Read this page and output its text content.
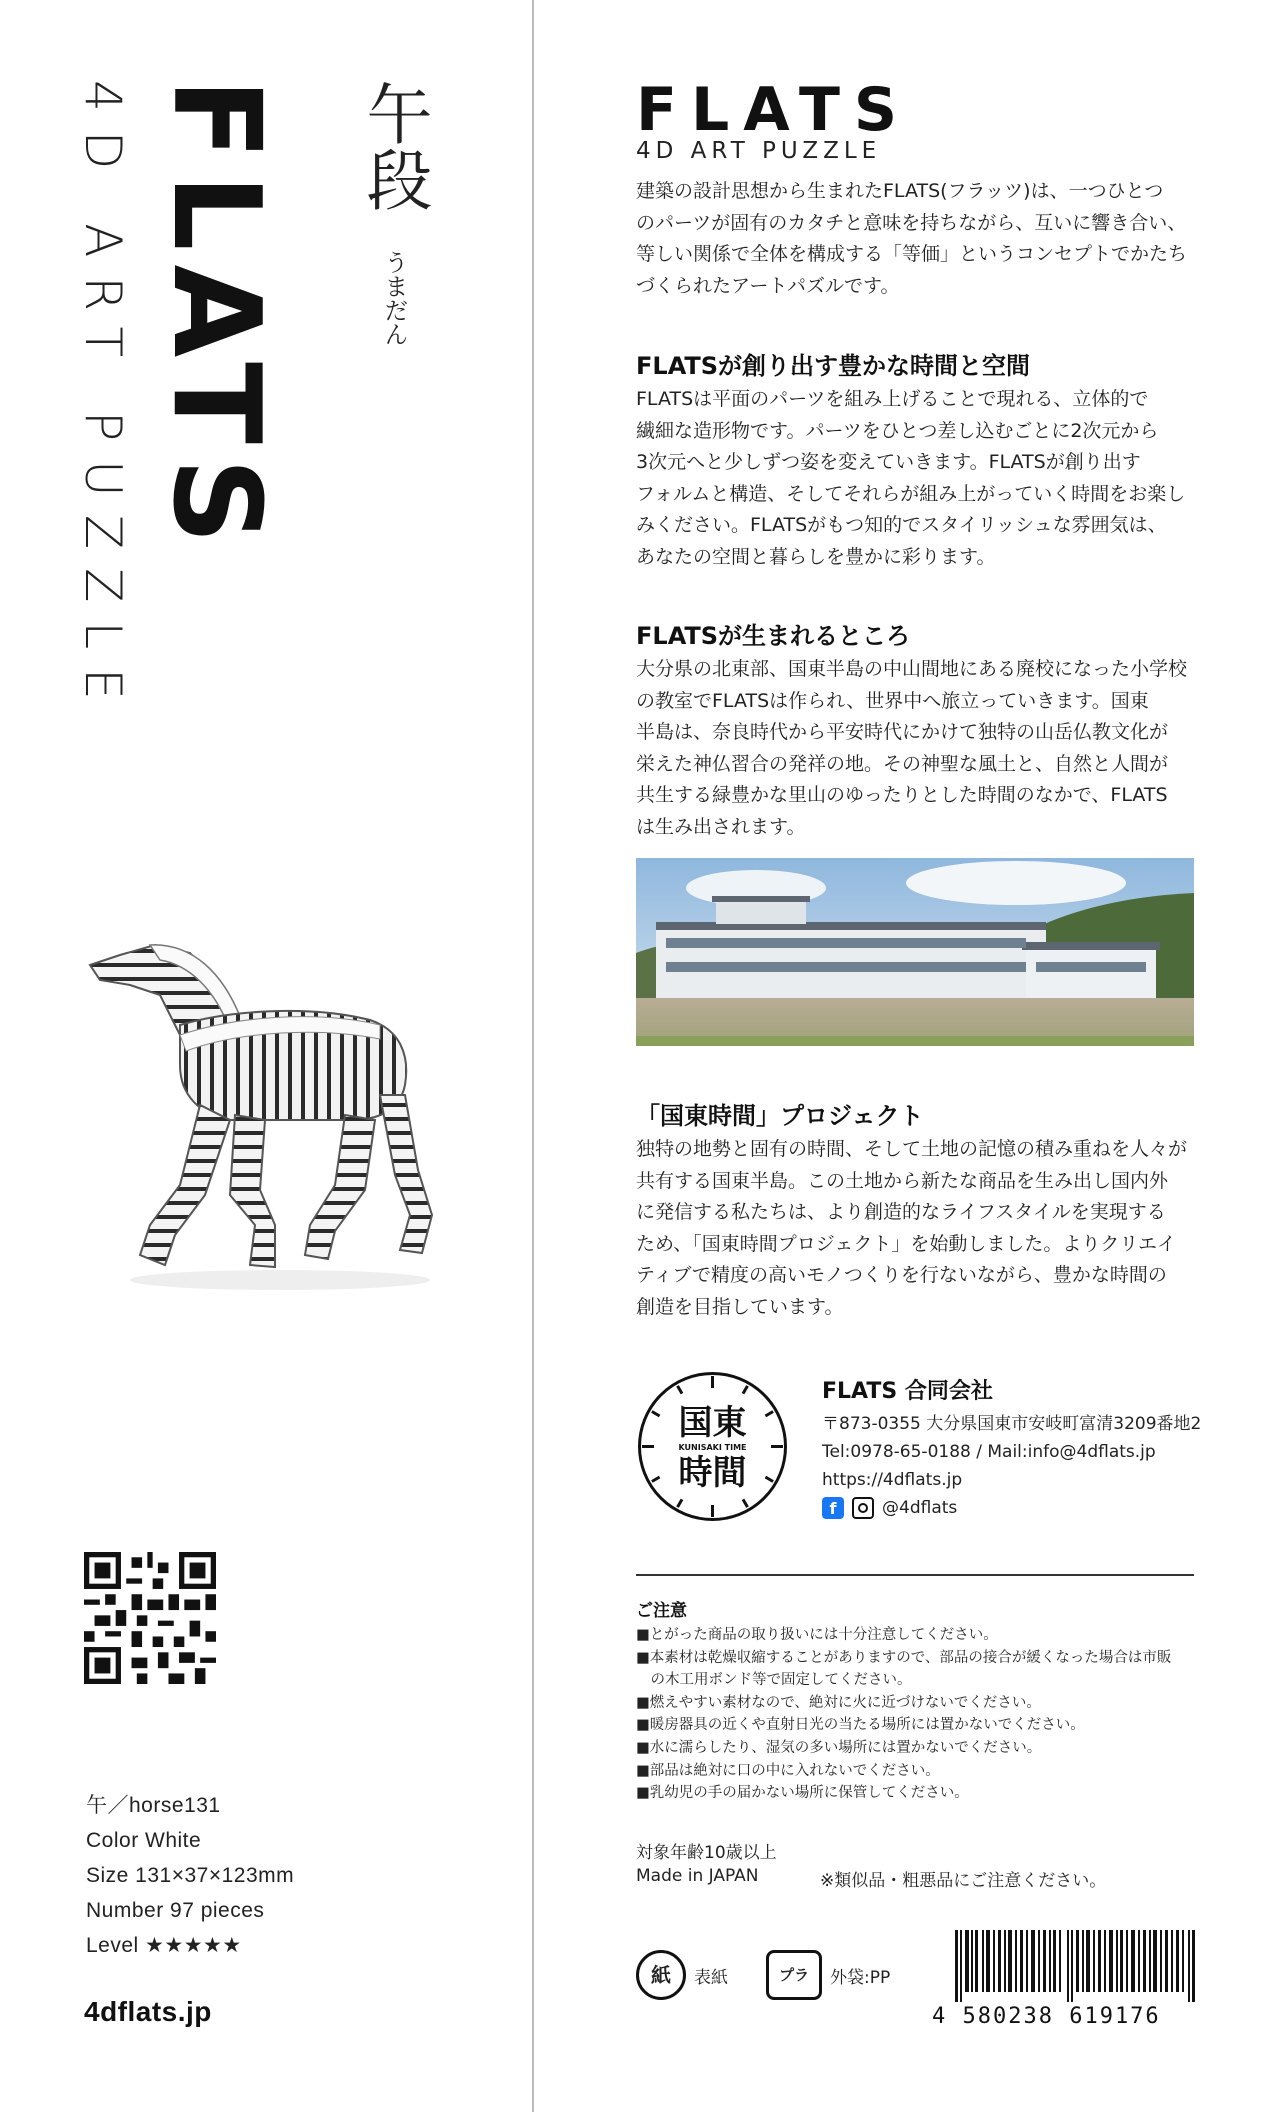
FLATS
4D ART PUZZLE	午段
うまだん
午／horse131
Color White
Size 131×37×123mm
Number 97 pieces
Level ★★★★★
4dflats.jp
FLATS
4D ART PUZZLE
建築の設計思想から生まれたFLATS(フラッツ)は、一つひとつ
のパーツが固有のカタチと意味を持ちながら、互いに響き合い、
等しい関係で全体を構成する「等価」というコンセプトでかたち
づくられたアートパズルです。
FLATSが創り出す豊かな時間と空間
FLATSは平面のパーツを組み上げることで現れる、立体的で
繊細な造形物です。パーツをひとつ差し込むごとに2次元から
3次元へと少しずつ姿を変えていきます。FLATSが創り出す
フォルムと構造、そしてそれらが組み上がっていく時間をお楽し
みください。FLATSがもつ知的でスタイリッシュな雰囲気は、
あなたの空間と暮らしを豊かに彩ります。
FLATSが生まれるところ
大分県の北東部、国東半島の中山間地にある廃校になった小学校
の教室でFLATSは作られ、世界中へ旅立っていきます。国東
半島は、奈良時代から平安時代にかけて独特の山岳仏教文化が
栄えた神仏習合の発祥の地。その神聖な風土と、自然と人間が
共生する緑豊かな里山のゆったりとした時間のなかで、FLATS
は生み出されます。
「国東時間」プロジェクト
独特の地勢と固有の時間、そして土地の記憶の積み重ねを人々が
共有する国東半島。この土地から新たな商品を生み出し国内外
に発信する私たちは、より創造的なライフスタイルを実現する
ため、「国東時間プロジェクト」を始動しました。よりクリエイ
ティブで精度の高いモノつくりを行ないながら、豊かな時間の
創造を目指しています。
国東
KUNISAKI TIME
時間
FLATS 合同会社
〒873-0355 大分県国東市安岐町富清3209番地2
Tel:0978-65-0188 / Mail:info@4dflats.jp
https://4dflats.jp
f	@4dflats
ご注意
■とがった商品の取り扱いには十分注意してください。
■本素材は乾燥収縮することがありますので、部品の接合が緩くなった場合は市販
　の木工用ボンド等で固定してください。
■燃えやすい素材なので、絶対に火に近づけないでください。
■暖房器具の近くや直射日光の当たる場所には置かないでください。
■水に濡らしたり、湿気の多い場所には置かないでください。
■部品は絶対に口の中に入れないでください。
■乳幼児の手の届かない場所に保管してください。
対象年齢10歳以上
Made in JAPAN	※類似品・粗悪品にご注意ください。
紙	表紙	プラ	外袋:PP
4 580238 619176
